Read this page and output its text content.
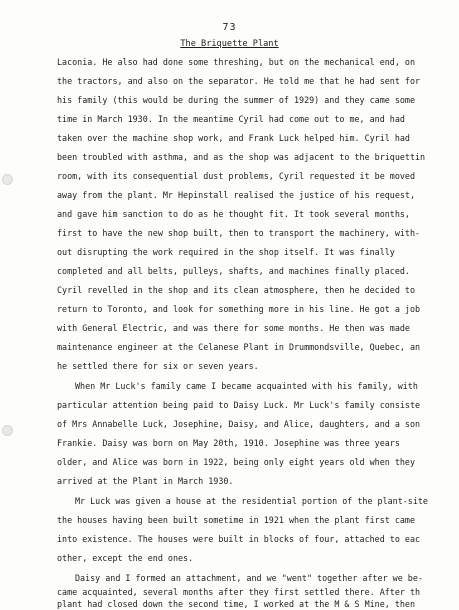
73
The Briquette Plant
Laconia. He also had done some threshing, but on the mechanical end, on
the tractors, and also on the separator. He told me that he had sent for
his family (this would be during the summer of 1929) and they came some
time in March 1930. In the meantime Cyril had come out to me, and had
taken over the machine shop work, and Frank Luck helped him. Cyril had
been troubled with asthma, and as the shop was adjacent to the briquettin
room, with its consequential dust problems, Cyril requested it be moved
away from the plant. Mr Hepinstall realised the justice of his request,
and gave him sanction to do as he thought fit. It took several months,
first to have the new shop built, then to transport the machinery, with-
out disrupting the work required in the shop itself. It was finally
completed and all belts, pulleys, shafts, and machines finally placed.
Cyril revelled in the shop and its clean atmosphere, then he decided to
return to Toronto, and look for something more in his line. He got a job
with General Electric, and was there for some months. He then was made
maintenance engineer at the Celanese Plant in Drummondsville, Quebec, an
he settled there for six or seven years.
When Mr Luck's family came I became acquainted with his family, with
particular attention being paid to Daisy Luck. Mr Luck's family consiste
of Mrs Annabelle Luck, Josephine, Daisy, and Alice, daughters, and a son
Frankie. Daisy was born on May 20th, 1910. Josephine was three years
older, and Alice was born in 1922, being only eight years old when they
arrived at the Plant in March 1930.
Mr Luck was given a house at the residential portion of the plant-site
the houses having been built sometime in 1921 when the plant first came
into existence. The houses were built in blocks of four, attached to eac
other, except the end ones.
Daisy and I formed an attachment, and we "went" together after we be-
came acquainted, several months after they first settled there. After th
plant had closed down the second time, I worked at the M & S Mine, then
